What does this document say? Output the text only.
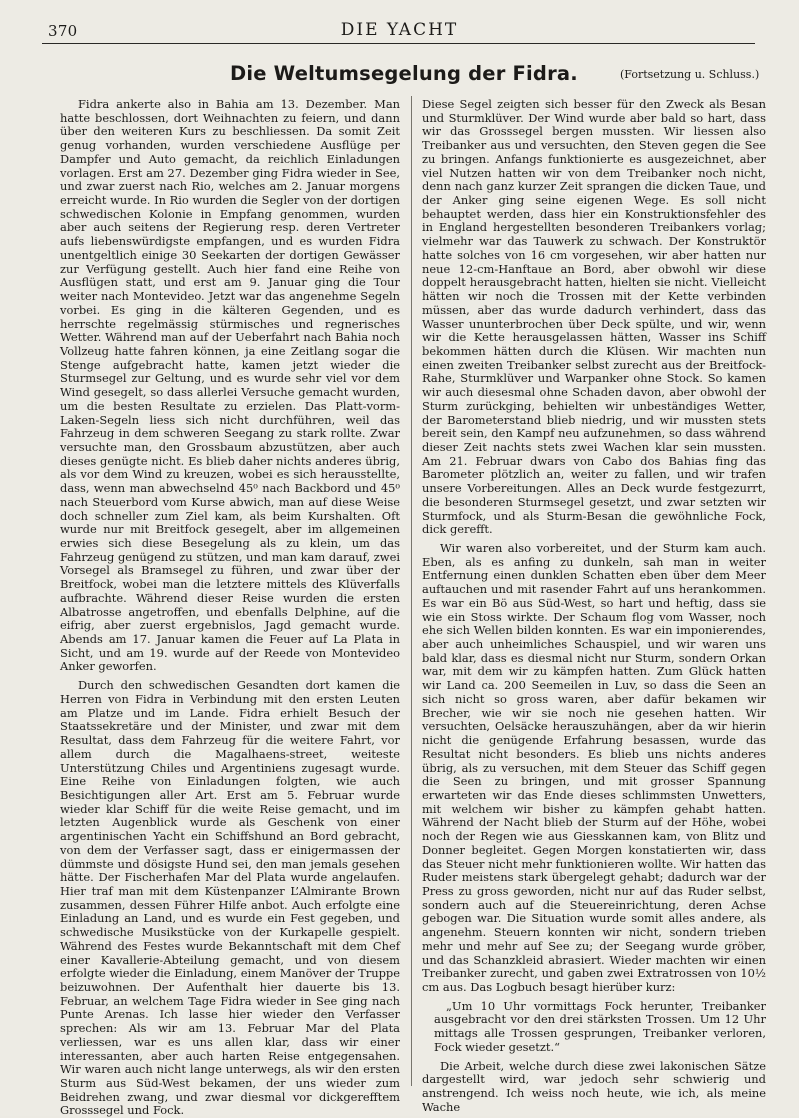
370	DIE YACHT
Die Weltumsegelung der Fidra.	(Fortsetzung u. Schluss.)

Fidra ankerte also in Bahia am 13. Dezember. Man hatte beschlossen, dort Weihnachten zu feiern, und dann über den weiteren Kurs zu beschliessen. Da somit Zeit genug vorhanden, wurden verschiedene Ausflüge per Dampfer und Auto gemacht, da reichlich Einladungen vorlagen. Erst am 27. Dezember ging Fidra wieder in See, und zwar zuerst nach Rio, welches am 2. Januar morgens erreicht wurde. In Rio wurden die Segler von der dortigen schwedischen Kolonie in Empfang genommen, wurden aber auch seitens der Regierung resp. deren Vertreter aufs liebenswürdigste empfangen, und es wurden Fidra unentgeltlich einige 30 Seekarten der dortigen Gewässer zur Verfügung gestellt. Auch hier fand eine Reihe von Ausflügen statt, und erst am 9. Januar ging die Tour weiter nach Montevideo. Jetzt war das angenehme Segeln vorbei. Es ging in die kälteren Gegenden, und es herrschte regelmässig stürmisches und regnerisches Wetter. Während man auf der Ueberfahrt nach Bahia noch Vollzeug hatte fahren können, ja eine Zeitlang sogar die Stenge aufgebracht hatte, kamen jetzt wieder die Sturmsegel zur Geltung, und es wurde sehr viel vor dem Wind gesegelt, so dass allerlei Versuche gemacht wurden, um die besten Resultate zu erzielen. Das Platt-vorm-Laken-Segeln liess sich nicht durchführen, weil das Fahrzeug in dem schweren Seegang zu stark rollte. Zwar versuchte man, den Grossbaum abzustützen, aber auch dieses genügte nicht. Es blieb daher nichts anderes übrig, als vor dem Wind zu kreuzen, wobei es sich herausstellte, dass, wenn man abwechselnd 45⁰ nach Backbord und 45⁰ nach Steuerbord vom Kurse abwich, man auf diese Weise doch schneller zum Ziel kam, als beim Kurshalten. Oft wurde nur mit Breitfock gesegelt, aber im allgemeinen erwies sich diese Besegelung als zu klein, um das Fahrzeug genügend zu stützen, und man kam darauf, zwei Vorsegel als Bramsegel zu führen, und zwar über der Breitfock, wobei man die letztere mittels des Klüverfalls aufbrachte. Während dieser Reise wurden die ersten Albatrosse angetroffen, und ebenfalls Delphine, auf die eifrig, aber zuerst ergebnislos, Jagd gemacht wurde. Abends am 17. Januar kamen die Feuer auf La Plata in Sicht, und am 19. wurde auf der Reede von Montevideo Anker geworfen.

Durch den schwedischen Gesandten dort kamen die Herren von Fidra in Verbindung mit den ersten Leuten am Platze und im Lande. Fidra erhielt Besuch der Staatssekretäre und der Minister, und zwar mit dem Resultat, dass dem Fahrzeug für die weitere Fahrt, vor allem durch die Magalhaens-street, weiteste Unterstützung Chiles und Argentiniens zugesagt wurde. Eine Reihe von Einladungen folgten, wie auch Besichtigungen aller Art. Erst am 5. Februar wurde wieder klar Schiff für die weite Reise gemacht, und im letzten Augenblick wurde als Geschenk von einer argentinischen Yacht ein Schiffshund an Bord gebracht, von dem der Verfasser sagt, dass er einigermassen der dümmste und dösigste Hund sei, den man jemals gesehen hätte. Der Fischerhafen Mar del Plata wurde angelaufen. Hier traf man mit dem Küstenpanzer L’Almirante Brown zusammen, dessen Führer Hilfe anbot. Auch erfolgte eine Einladung an Land, und es wurde ein Fest gegeben, und schwedische Musikstücke von der Kurkapelle gespielt. Während des Festes wurde Bekanntschaft mit dem Chef einer Kavallerie-Abteilung gemacht, und von diesem erfolgte wieder die Einladung, einem Manöver der Truppe beizuwohnen. Der Aufenthalt hier dauerte bis 13. Februar, an welchem Tage Fidra wieder in See ging nach Punte Arenas. Ich lasse hier wieder den Verfasser sprechen: Als wir am 13. Februar Mar del Plata verliessen, war es uns allen klar, dass wir einer interessanten, aber auch harten Reise entgegensahen. Wir waren auch nicht lange unterwegs, als wir den ersten Sturm aus Süd-West bekamen, der uns wieder zum Beidrehen zwang, und zwar diesmal vor dickgerefftem Grosssegel und Fock.

Diese Segel zeigten sich besser für den Zweck als Besan und Sturmklüver. Der Wind wurde aber bald so hart, dass wir das Grosssegel bergen mussten. Wir liessen also Treibanker aus und versuchten, den Steven gegen die See zu bringen. Anfangs funktionierte es ausgezeichnet, aber viel Nutzen hatten wir von dem Treibanker noch nicht, denn nach ganz kurzer Zeit sprangen die dicken Taue, und der Anker ging seine eigenen Wege. Es soll nicht behauptet werden, dass hier ein Konstruktionsfehler des in England hergestellten besonderen Treibankers vorlag; vielmehr war das Tauwerk zu schwach. Der Konstruktör hatte solches von 16 cm vorgesehen, wir aber hatten nur neue 12-cm-Hanftaue an Bord, aber obwohl wir diese doppelt herausgebracht hatten, hielten sie nicht. Vielleicht hätten wir noch die Trossen mit der Kette verbinden müssen, aber das wurde dadurch verhindert, dass das Wasser ununterbrochen über Deck spülte, und wir, wenn wir die Kette herausgelassen hätten, Wasser ins Schiff bekommen hätten durch die Klüsen. Wir machten nun einen zweiten Treibanker selbst zurecht aus der Breitfock-Rahe, Sturmklüver und Warpanker ohne Stock. So kamen wir auch diesesmal ohne Schaden davon, aber obwohl der Sturm zurückging, behielten wir unbeständiges Wetter, der Barometerstand blieb niedrig, und wir mussten stets bereit sein, den Kampf neu aufzunehmen, so dass während dieser Zeit nachts stets zwei Wachen klar sein mussten. Am 21. Februar dwars von Cabo dos Bahias fing das Barometer plötzlich an, weiter zu fallen, und wir trafen unsere Vorbereitungen. Alles an Deck wurde festgezurrt, die besonderen Sturmsegel gesetzt, und zwar setzten wir Sturmfock, und als Sturm-Besan die gewöhnliche Fock, dick gerefft.

Wir waren also vorbereitet, und der Sturm kam auch. Eben, als es anfing zu dunkeln, sah man in weiter Entfernung einen dunklen Schatten eben über dem Meer auftauchen und mit rasender Fahrt auf uns herankommen. Es war ein Bö aus Süd-West, so hart und heftig, dass sie wie ein Stoss wirkte. Der Schaum flog vom Wasser, noch ehe sich Wellen bilden konnten. Es war ein imponierendes, aber auch unheimliches Schauspiel, und wir waren uns bald klar, dass es diesmal nicht nur Sturm, sondern Orkan war, mit dem wir zu kämpfen hatten. Zum Glück hatten wir Land ca. 200 Seemeilen in Luv, so dass die Seen an sich nicht so gross waren, aber dafür bekamen wir Brecher, wie wir sie noch nie gesehen hatten. Wir versuchten, Oelsäcke herauszuhängen, aber da wir hierin nicht die genügende Erfahrung besassen, wurde das Resultat nicht besonders. Es blieb uns nichts anderes übrig, als zu versuchen, mit dem Steuer das Schiff gegen die Seen zu bringen, und mit grosser Spannung erwarteten wir das Ende dieses schlimmsten Unwetters, mit welchem wir bisher zu kämpfen gehabt hatten. Während der Nacht blieb der Sturm auf der Höhe, wobei noch der Regen wie aus Giesskannen kam, von Blitz und Donner begleitet. Gegen Morgen konstatierten wir, dass das Steuer nicht mehr funktionieren wollte. Wir hatten das Ruder meistens stark übergelegt gehabt; dadurch war der Press zu gross geworden, nicht nur auf das Ruder selbst, sondern auch auf die Steuereinrichtung, deren Achse gebogen war. Die Situation wurde somit alles andere, als angenehm. Steuern konnten wir nicht, sondern trieben mehr und mehr auf See zu; der Seegang wurde gröber, und das Schanzkleid abrasiert. Wieder machten wir einen Treibanker zurecht, und gaben zwei Extratrossen von 10½ cm aus. Das Logbuch besagt hierüber kurz:

„Um 10 Uhr vormittags Fock herunter, Treibanker ausgebracht vor den drei stärksten Trossen. Um 12 Uhr mittags alle Trossen gesprungen, Treibanker verloren, Fock wieder gesetzt.“

Die Arbeit, welche durch diese zwei lakonischen Sätze dargestellt wird, war jedoch sehr schwierig und anstrengend. Ich weiss noch heute, wie ich, als meine Wache
